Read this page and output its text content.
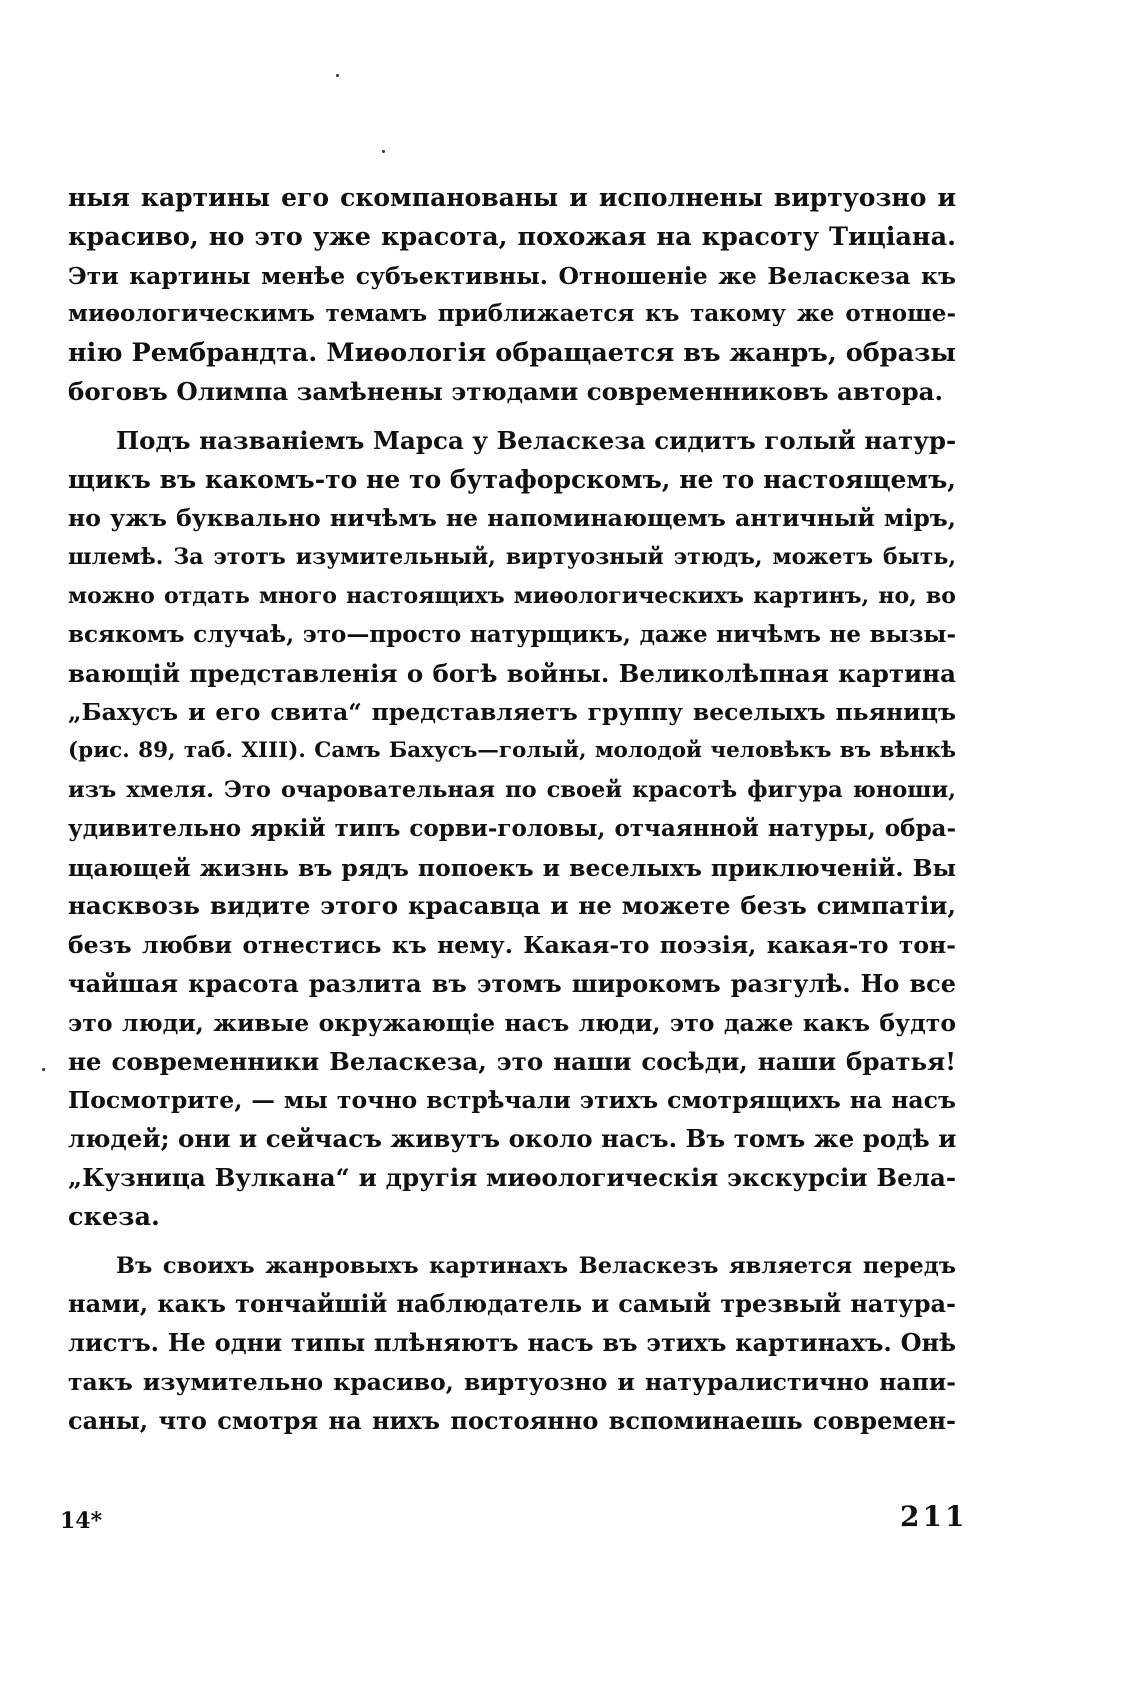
ныя картины его скомпанованы и исполнены виртуозно и
красиво, но это уже красота, похожая на красоту Тиціана.
Эти картины менѣе субъективны. Отношеніе же Веласкеза къ
миѳологическимъ темамъ приближается къ такому же отноше-
нію Рембрандта. Миѳологія обращается въ жанръ, образы
боговъ Олимпа замѣнены этюдами современниковъ автора.
Подъ названіемъ Марса у Веласкеза сидитъ голый натур-
щикъ въ какомъ-то не то бутафорскомъ, не то настоящемъ,
но ужъ буквально ничѣмъ не напоминающемъ античный міръ,
шлемѣ. За этотъ изумительный, виртуозный этюдъ, можетъ быть,
можно отдать много настоящихъ миѳологическихъ картинъ, но, во
всякомъ случаѣ, это—просто натурщикъ, даже ничѣмъ не вызы-
вающій представленія о богѣ войны. Великолѣпная картина
„Бахусъ и его свита“ представляетъ группу веселыхъ пьяницъ
(рис. 89, таб. XIII). Самъ Бахусъ—голый, молодой человѣкъ въ вѣнкѣ
изъ хмеля. Это очаровательная по своей красотѣ фигура юноши,
удивительно яркій типъ сорви-головы, отчаянной натуры, обра-
щающей жизнь въ рядъ попоекъ и веселыхъ приключеній. Вы
насквозь видите этого красавца и не можете безъ симпатіи,
безъ любви отнестись къ нему. Какая-то поэзія, какая-то тон-
чайшая красота разлита въ этомъ широкомъ разгулѣ. Но все
это люди, живые окружающіе насъ люди, это даже какъ будто
не современники Веласкеза, это наши сосѣди, наши братья!
Посмотрите, — мы точно встрѣчали этихъ смотрящихъ на насъ
людей; они и сейчасъ живутъ около насъ. Въ томъ же родѣ и
„Кузница Вулкана“ и другія миѳологическія экскурсіи Вела-
скеза.
Въ своихъ жанровыхъ картинахъ Веласкезъ является передъ
нами, какъ тончайшій наблюдатель и самый трезвый натура-
листъ. Не одни типы плѣняютъ насъ въ этихъ картинахъ. Онѣ
такъ изумительно красиво, виртуозно и натуралистично напи-
саны, что смотря на нихъ постоянно вспоминаешь современ-
14*	211
